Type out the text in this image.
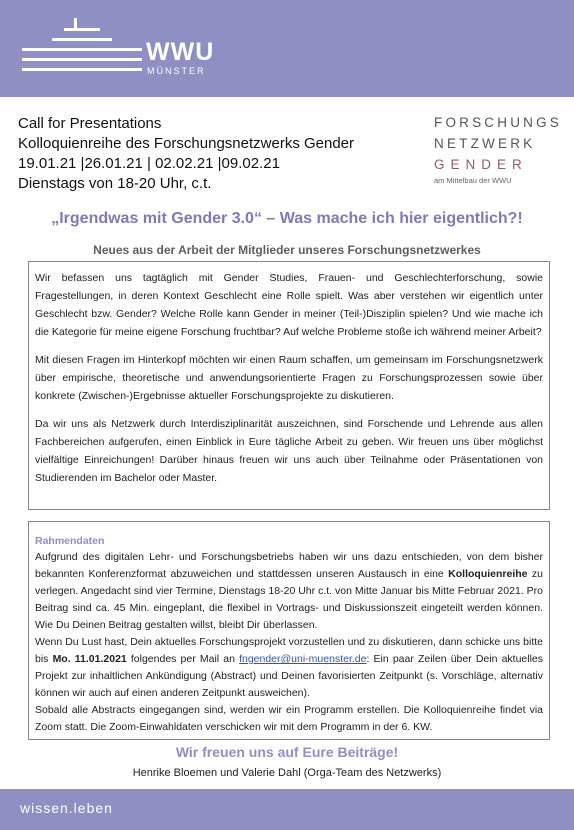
WWU
MÜNSTER
Call for Presentations
Kolloquienreihe des Forschungsnetzwerks Gender
19.01.21 |26.01.21 | 02.02.21 |09.02.21
Dienstags von 18-20 Uhr, c.t.
FORSCHUNGS
NETZWERK
GENDER
am Mittelbau der WWU
„Irgendwas mit Gender 3.0“ – Was mache ich hier eigentlich?!
Neues aus der Arbeit der Mitglieder unseres Forschungsnetzwerkes

Wir befassen uns tagtäglich mit Gender Studies, Frauen- und Geschlechterforschung, sowie Fragestellungen, in deren Kontext Geschlecht eine Rolle spielt. Was aber verstehen wir eigentlich unter Geschlecht bzw. Gender? Welche Rolle kann Gender in meiner (Teil-)Disziplin spielen? Und wie mache ich die Kategorie für meine eigene Forschung fruchtbar? Auf welche Probleme stoße ich während meiner Arbeit?

Mit diesen Fragen im Hinterkopf möchten wir einen Raum schaffen, um gemeinsam im Forschungsnetzwerk über empirische, theoretische und anwendungsorientierte Fragen zu Forschungsprozessen sowie über konkrete (Zwischen-)Ergebnisse aktueller Forschungsprojekte zu diskutieren.

Da wir uns als Netzwerk durch Interdisziplinarität auszeichnen, sind Forschende und Lehrende aus allen Fachbereichen aufgerufen, einen Einblick in Eure tägliche Arbeit zu geben. Wir freuen uns über möglichst vielfältige Einreichungen! Darüber hinaus freuen wir uns auch über Teilnahme oder Präsentationen von Studierenden im Bachelor oder Master.

Rahmendaten

Aufgrund des digitalen Lehr- und Forschungsbetriebs haben wir uns dazu entschieden, von dem bisher bekannten Konferenzformat abzuweichen und stattdessen unseren Austausch in eine Kolloquienreihe zu verlegen. Angedacht sind vier Termine, Dienstags 18-20 Uhr c.t. von Mitte Januar bis Mitte Februar 2021. Pro Beitrag sind ca. 45 Min. eingeplant, die flexibel in Vortrags- und Diskussionszeit eingeteilt werden können. Wie Du Deinen Beitrag gestalten willst, bleibt Dir überlassen.

Wenn Du Lust hast, Dein aktuelles Forschungsprojekt vorzustellen und zu diskutieren, dann schicke uns bitte bis Mo. 11.01.2021 folgendes per Mail an fngender@uni-muenster.de: Ein paar Zeilen über Dein aktuelles Projekt zur inhaltlichen Ankündigung (Abstract) und Deinen favorisierten Zeitpunkt (s. Vorschläge, alternativ können wir auch auf einen anderen Zeitpunkt ausweichen).

Sobald alle Abstracts eingegangen sind, werden wir ein Programm erstellen. Die Kolloquienreihe findet via Zoom statt. Die Zoom-Einwahldaten verschicken wir mit dem Programm in der 6. KW.

Wir freuen uns auf Eure Beiträge!
Henrike Bloemen und Valerie Dahl (Orga-Team des Netzwerks)
wissen.leben
